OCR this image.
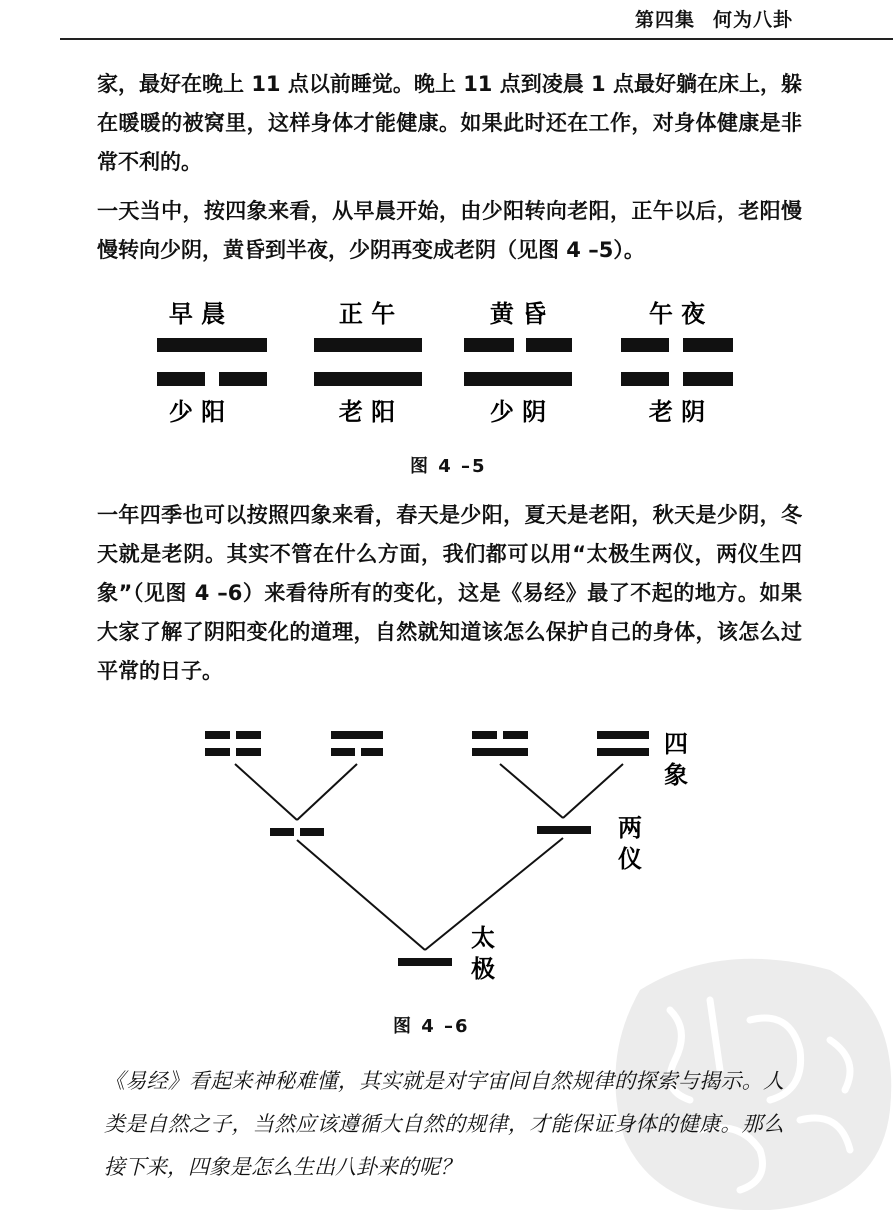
第四集 何为八卦

家，最好在晚上 11 点以前睡觉。晚上 11 点到凌晨 1 点最好躺在床上，躲在暖暖的被窝里，这样身体才能健康。如果此时还在工作，对身体健康是非常不利的。

一天当中，按四象来看，从早晨开始，由少阳转向老阳，正午以后，老阳慢慢转向少阴，黄昏到半夜，少阴再变成老阴（见图 4 –5）。

早 晨
少 阳
正 午
老 阳
黄 昏
少 阴
午 夜
老 阴
图 4 –5

一年四季也可以按照四象来看，春天是少阳，夏天是老阳，秋天是少阴，冬天就是老阴。其实不管在什么方面，我们都可以用“太极生两仪，两仪生四象”（见图 4 –6）来看待所有的变化，这是《易经》最了不起的地方。如果大家了解了阴阳变化的道理，自然就知道该怎么保护自己的身体，该怎么过平常的日子。

四
象
两
仪
太
极
图 4 –6

《易经》看起来神秘难懂，其实就是对宇宙间自然规律的探索与揭示。人类是自然之子，当然应该遵循大自然的规律，才能保证身体的健康。那么接下来，四象是怎么生出八卦来的呢？
